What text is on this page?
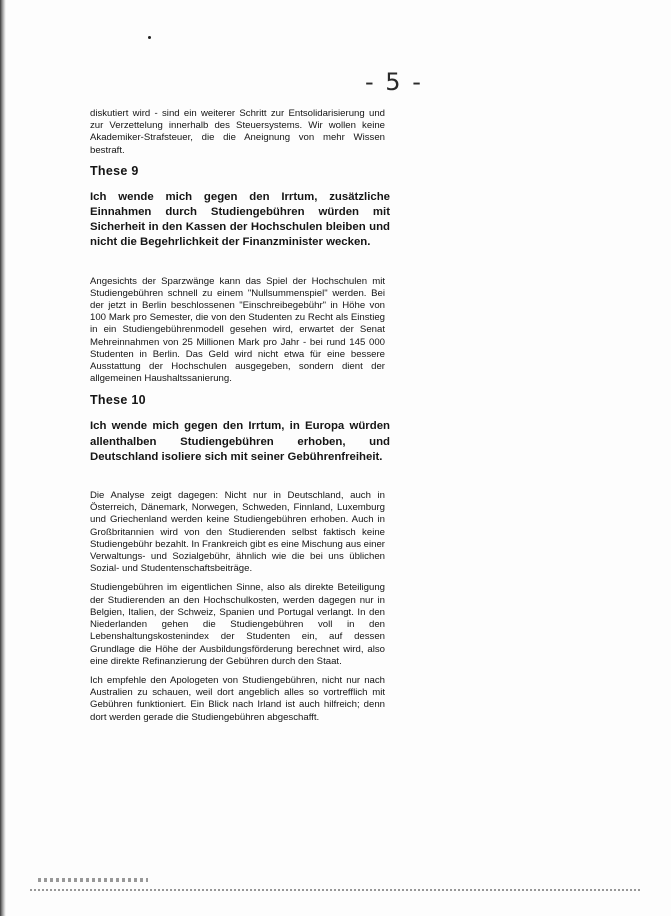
- 5 -

diskutiert wird - sind ein weiterer Schritt zur Entsolidarisierung und zur Verzettelung innerhalb des Steuersystems. Wir wollen keine Akademiker-Strafsteuer, die die Aneignung von mehr Wissen bestraft.

These 9

Ich wende mich gegen den Irrtum, zusätzliche Einnahmen durch Studiengebühren würden mit Sicherheit in den Kassen der Hochschulen bleiben und nicht die Begehrlichkeit der Finanzminister wecken.

Angesichts der Sparzwänge kann das Spiel der Hochschulen mit Studiengebühren schnell zu einem "Nullsummenspiel" werden. Bei der jetzt in Berlin beschlossenen "Einschreibegebühr" in Höhe von 100 Mark pro Semester, die von den Studenten zu Recht als Einstieg in ein Studiengebührenmodell gesehen wird, erwartet der Senat Mehreinnahmen von 25 Millionen Mark pro Jahr - bei rund 145 000 Studenten in Berlin. Das Geld wird nicht etwa für eine bessere Ausstattung der Hochschulen ausgegeben, sondern dient der allgemeinen Haushaltssanierung.

These 10

Ich wende mich gegen den Irrtum, in Europa würden allenthalben Studiengebühren erhoben, und Deutschland isoliere sich mit seiner Gebührenfreiheit.

Die Analyse zeigt dagegen: Nicht nur in Deutschland, auch in Österreich, Dänemark, Norwegen, Schweden, Finnland, Luxemburg und Griechenland werden keine Studiengebühren erhoben. Auch in Großbritannien wird von den Studierenden selbst faktisch keine Studiengebühr bezahlt. In Frankreich gibt es eine Mischung aus einer Verwaltungs- und Sozialgebühr, ähnlich wie die bei uns üblichen Sozial- und Studentenschaftsbeiträge.

Studiengebühren im eigentlichen Sinne, also als direkte Beteiligung der Studierenden an den Hochschulkosten, werden dagegen nur in Belgien, Italien, der Schweiz, Spanien und Portugal verlangt. In den Niederlanden gehen die Studiengebühren voll in den Lebenshaltungskostenindex der Studenten ein, auf dessen Grundlage die Höhe der Ausbildungsförderung berechnet wird, also eine direkte Refinanzierung der Gebühren durch den Staat.

Ich empfehle den Apologeten von Studiengebühren, nicht nur nach Australien zu schauen, weil dort angeblich alles so vortrefflich mit Gebühren funktioniert. Ein Blick nach Irland ist auch hilfreich; denn dort werden gerade die Studiengebühren abgeschafft.
